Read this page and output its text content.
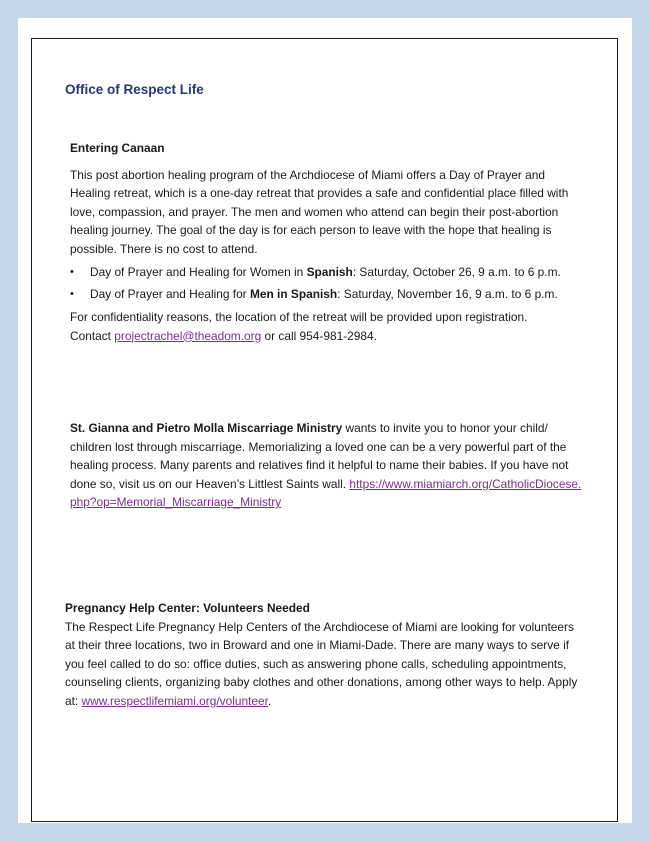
Office of Respect Life
Entering Canaan
This post abortion healing program of the Archdiocese of Miami offers a Day of Prayer and Healing retreat, which is a one-day retreat that provides a safe and confidential place filled with love, compassion, and prayer. The men and women who attend can begin their post-abortion healing journey. The goal of the day is for each person to leave with the hope that healing is possible. There is no cost to attend.
•	Day of Prayer and Healing for Women in Spanish: Saturday, October 26, 9 a.m. to 6 p.m.
•	Day of Prayer and Healing for Men in Spanish: Saturday, November 16, 9 a.m. to 6 p.m.
For confidentiality reasons, the location of the retreat will be provided upon registration.
Contact projectrachel@theadom.org or call 954-981-2984.
St. Gianna and Pietro Molla Miscarriage Ministry wants to invite you to honor your child/ children lost through miscarriage. Memorializing a loved one can be a very powerful part of the healing process. Many parents and relatives find it helpful to name their babies. If you have not done so, visit us on our Heaven’s Littlest Saints wall. https://www.miamiarch.org/CatholicDiocese.php?op=Memorial_Miscarriage_Ministry
Pregnancy Help Center: Volunteers Needed
The Respect Life Pregnancy Help Centers of the Archdiocese of Miami are looking for volunteers at their three locations, two in Broward and one in Miami-Dade. There are many ways to serve if you feel called to do so: office duties, such as answering phone calls, scheduling appointments, counseling clients, organizing baby clothes and other donations, among other ways to help. Apply at: www.respectlifemiami.org/volunteer.
